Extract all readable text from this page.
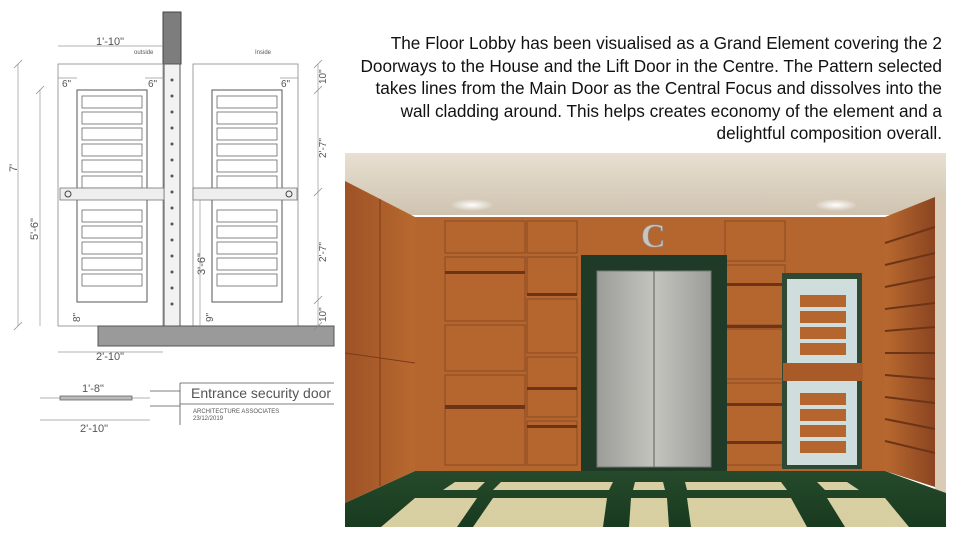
outside	Inside
1'-10"
6"	6"	6"
7'
5'-6"
3'-6"
8"	9"
10"
2'-7"
2'-7"
10"
2'-10"
1'-8"
2'-10"
Entrance security door
ARCHITECTURE ASSOCIATES
23/12/2019

The Floor Lobby has been visualised as a Grand Element covering the 2 Doorways to the House and the Lift Door in the Centre. The Pattern selected takes lines from the Main Door as the Central Focus and dissolves into the wall cladding around. This helps creates economy of the element and a delightful composition overall.

C
